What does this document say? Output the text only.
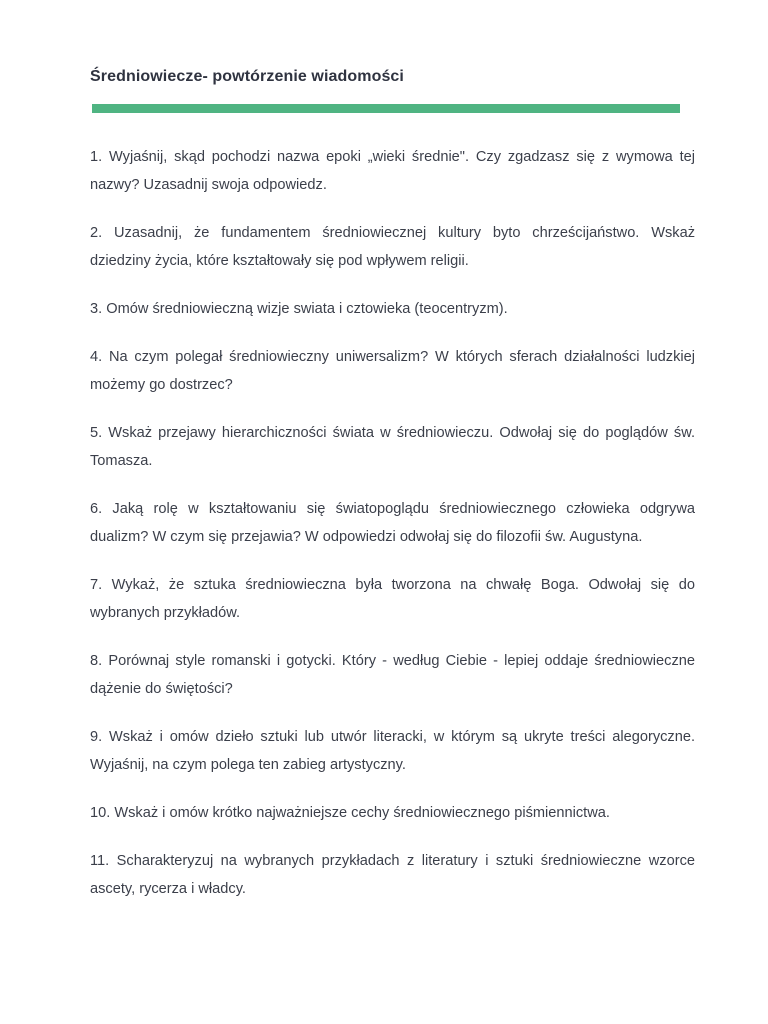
Średniowiecze- powtórzenie wiadomości
1. Wyjaśnij, skąd pochodzi nazwa epoki „wieki średnie". Czy zgadzasz się z wymowa tej nazwy? Uzasadnij swoja odpowiedz.
2. Uzasadnij, że fundamentem średniowiecznej kultury byto chrześcijaństwo. Wskaż dziedziny życia, które kształtowały się pod wpływem religii.
3. Omów średniowieczną wizje swiata i cztowieka (teocentryzm).
4. Na czym polegał średniowieczny uniwersalizm? W których sferach działalności ludzkiej możemy go dostrzec?
5. Wskaż przejawy hierarchiczności świata w średniowieczu. Odwołaj się do poglądów św. Tomasza.
6. Jaką rolę w kształtowaniu się światopoglądu średniowiecznego człowieka odgrywa dualizm? W czym się przejawia? W odpowiedzi odwołaj się do filozofii św. Augustyna.
7. Wykaż, że sztuka średniowieczna była tworzona na chwałę Boga. Odwołaj się do wybranych przykładów.
8. Porównaj style romanski i gotycki. Który - według Ciebie - lepiej oddaje średniowieczne dążenie do świętości?
9. Wskaż i omów dzieło sztuki lub utwór literacki, w którym są ukryte treści alegoryczne. Wyjaśnij, na czym polega ten zabieg artystyczny.
10. Wskaż i omów krótko najważniejsze cechy średniowiecznego piśmiennictwa.
11. Scharakteryzuj na wybranych przykładach z literatury i sztuki średniowieczne wzorce ascety, rycerza i władcy.
